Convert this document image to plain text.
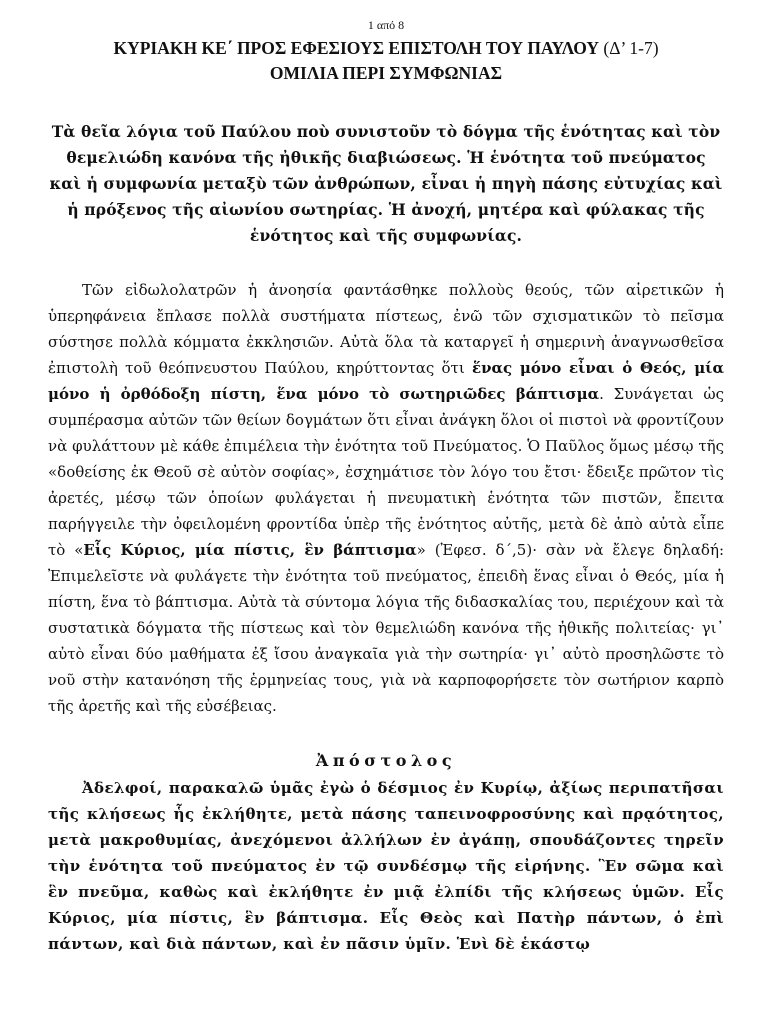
1 από 8
ΚΥΡΙΑΚΗ ΚΕ΄ ΠΡΟΣ ΕΦΕΣΙΟΥΣ ΕΠΙΣΤΟΛΗ ΤΟΥ ΠΑΥΛΟΥ (Δ’ 1-7)
ΟΜΙΛΙΑ ΠΕΡΙ ΣΥΜΦΩΝΙΑΣ
Τὰ θεῖα λόγια τοῦ Παύλου ποὺ συνιστοῦν τὸ δόγμα τῆς ἑνότητας καὶ τὸν θεμελιώδη κανόνα τῆς ἠθικῆς διαβιώσεως. Ἡ ἑνότητα τοῦ πνεύματος καὶ ἡ συμφωνία μεταξὺ τῶν ἀνθρώπων, εἶναι ἡ πηγὴ πάσης εὐτυχίας καὶ ἡ πρόξενος τῆς αἰωνίου σωτηρίας. Ἡ ἀνοχή, μητέρα καὶ φύλακας τῆς ἑνότητος καὶ τῆς συμφωνίας.
Τῶν εἰδωλολατρῶν ἡ ἀνοησία φαντάσθηκε πολλοὺς θεούς, τῶν αἱρετικῶν ἡ ὑπερηφάνεια ἔπλασε πολλὰ συστήματα πίστεως, ἐνῶ τῶν σχισματικῶν τὸ πεῖσμα σύστησε πολλὰ κόμματα ἐκκλησιῶν. Αὐτὰ ὅλα τὰ καταργεῖ ἡ σημερινὴ ἀναγνωσθεῖσα ἐπιστολὴ τοῦ θεόπνευστου Παύλου, κηρύττοντας ὅτι ἕνας μόνο εἶναι ὁ Θεός, μία μόνο ἡ ὀρθόδοξη πίστη, ἕνα μόνο τὸ σωτηριῶδες βάπτισμα. Συνάγεται ὡς συμπέρασμα αὐτῶν τῶν θείων δογμάτων ὅτι εἶναι ἀνάγκη ὅλοι οἱ πιστοὶ νὰ φροντίζουν νὰ φυλάττουν μὲ κάθε ἐπιμέλεια τὴν ἑνότητα τοῦ Πνεύματος. Ὁ Παῦλος ὅμως μέσῳ τῆς «δοθείσης ἐκ Θεοῦ σὲ αὐτὸν σοφίας», ἐσχημάτισε τὸν λόγο του ἔτσι· ἔδειξε πρῶτον τὶς ἀρετές, μέσῳ τῶν ὁποίων φυλάγεται ἡ πνευματικὴ ἑνότητα τῶν πιστῶν, ἔπειτα παρήγγειλε τὴν ὀφειλομένη φροντίδα ὑπὲρ τῆς ἑνότητος αὐτῆς, μετὰ δὲ ἀπὸ αὐτὰ εἶπε τὸ «Εἷς Κύριος, μία πίστις, ἓν βάπτισμα» (Ἐφεσ. δ΄,5)· σὰν νὰ ἔλεγε δηλαδή: Ἐπιμελεῖστε νὰ φυλάγετε τὴν ἑνότητα τοῦ πνεύματος, ἐπειδὴ ἕνας εἶναι ὁ Θεός, μία ἡ πίστη, ἕνα τὸ βάπτισμα. Αὐτὰ τὰ σύντομα λόγια τῆς διδασκαλίας του, περιέχουν καὶ τὰ συστατικὰ δόγματα τῆς πίστεως καὶ τὸν θεμελιώδη κανόνα τῆς ἠθικῆς πολιτείας· γι᾽ αὐτὸ εἶναι δύο μαθήματα ἐξ ἴσου ἀναγκαῖα γιὰ τὴν σωτηρία· γι᾽ αὐτὸ προσηλῶστε τὸ νοῦ στὴν κατανόηση τῆς ἑρμηνείας τους, γιὰ νὰ καρποφορήσετε τὸν σωτήριον καρπὸ τῆς ἀρετῆς καὶ τῆς εὐσέβειας.
Ἀπόστολος
Ἀδελφοί, παρακαλῶ ὑμᾶς ἐγὼ ὁ δέσμιος ἐν Κυρίῳ, ἀξίως περιπατῆσαι τῆς κλήσεως ἧς ἐκλήθητε, μετὰ πάσης ταπεινοφροσύνης καὶ πρᾳότητος, μετὰ μακροθυμίας, ἀνεχόμενοι ἀλλήλων ἐν ἀγάπῃ, σπουδάζοντες τηρεῖν τὴν ἑνότητα τοῦ πνεύματος ἐν τῷ συνδέσμῳ τῆς εἰρήνης. Ἓν σῶμα καὶ ἓν πνεῦμα, καθὼς καὶ ἐκλήθητε ἐν μιᾷ ἐλπίδι τῆς κλήσεως ὑμῶν. Εἷς Κύριος, μία πίστις, ἓν βάπτισμα. Εἷς Θεὸς καὶ Πατὴρ πάντων, ὁ ἐπὶ πάντων, καὶ διὰ πάντων, καὶ ἐν πᾶσιν ὑμῖν. Ἑνὶ δὲ ἑκάστῳ
